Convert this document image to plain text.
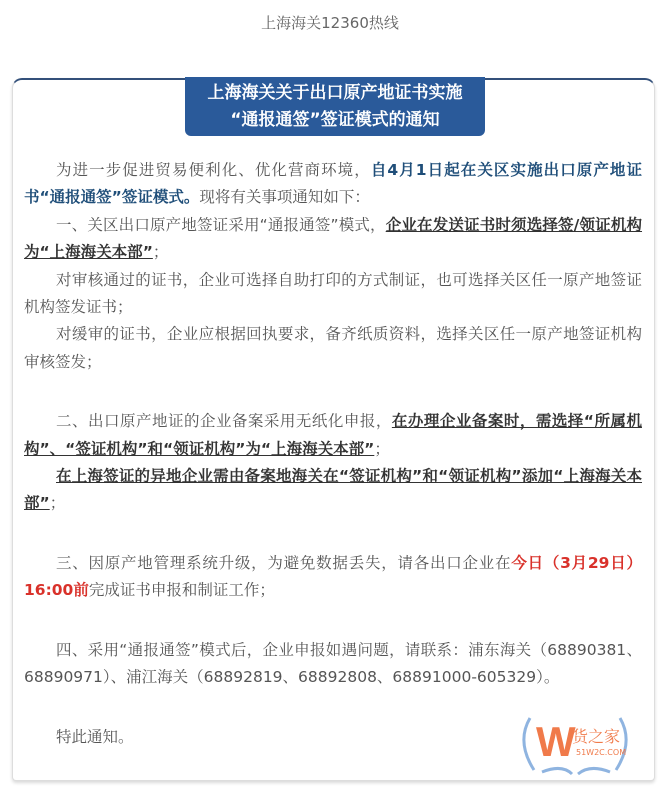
上海海关12360热线
上海海关关于出口原产地证书实施
“通报通签”签证模式的通知

为进一步促进贸易便利化、优化营商环境，自4月1日起在关区实施出口原产地证书“通报通签”签证模式。现将有关事项通知如下：

一、关区出口原产地签证采用“通报通签”模式，企业在发送证书时须选择签/领证机构为“上海海关本部”；

对审核通过的证书，企业可选择自助打印的方式制证，也可选择关区任一原产地签证机构签发证书；

对缓审的证书，企业应根据回执要求，备齐纸质资料，选择关区任一原产地签证机构审核签发；

二、出口原产地证的企业备案采用无纸化申报，在办理企业备案时，需选择“所属机构”、“签证机构”和“领证机构”为“上海海关本部”；

在上海签证的异地企业需由备案地海关在“签证机构”和“领证机构”添加“上海海关本部”；

三、因原产地管理系统升级，为避免数据丢失，请各出口企业在今日（3月29日）16:00前完成证书申报和制证工作；

四、采用“通报通签”模式后，企业申报如遇问题，请联系：浦东海关（68890381、68890971）、浦江海关（68892819、68892808、68891000-605329）。

特此通知。	W
货之家
51W2C.COM
